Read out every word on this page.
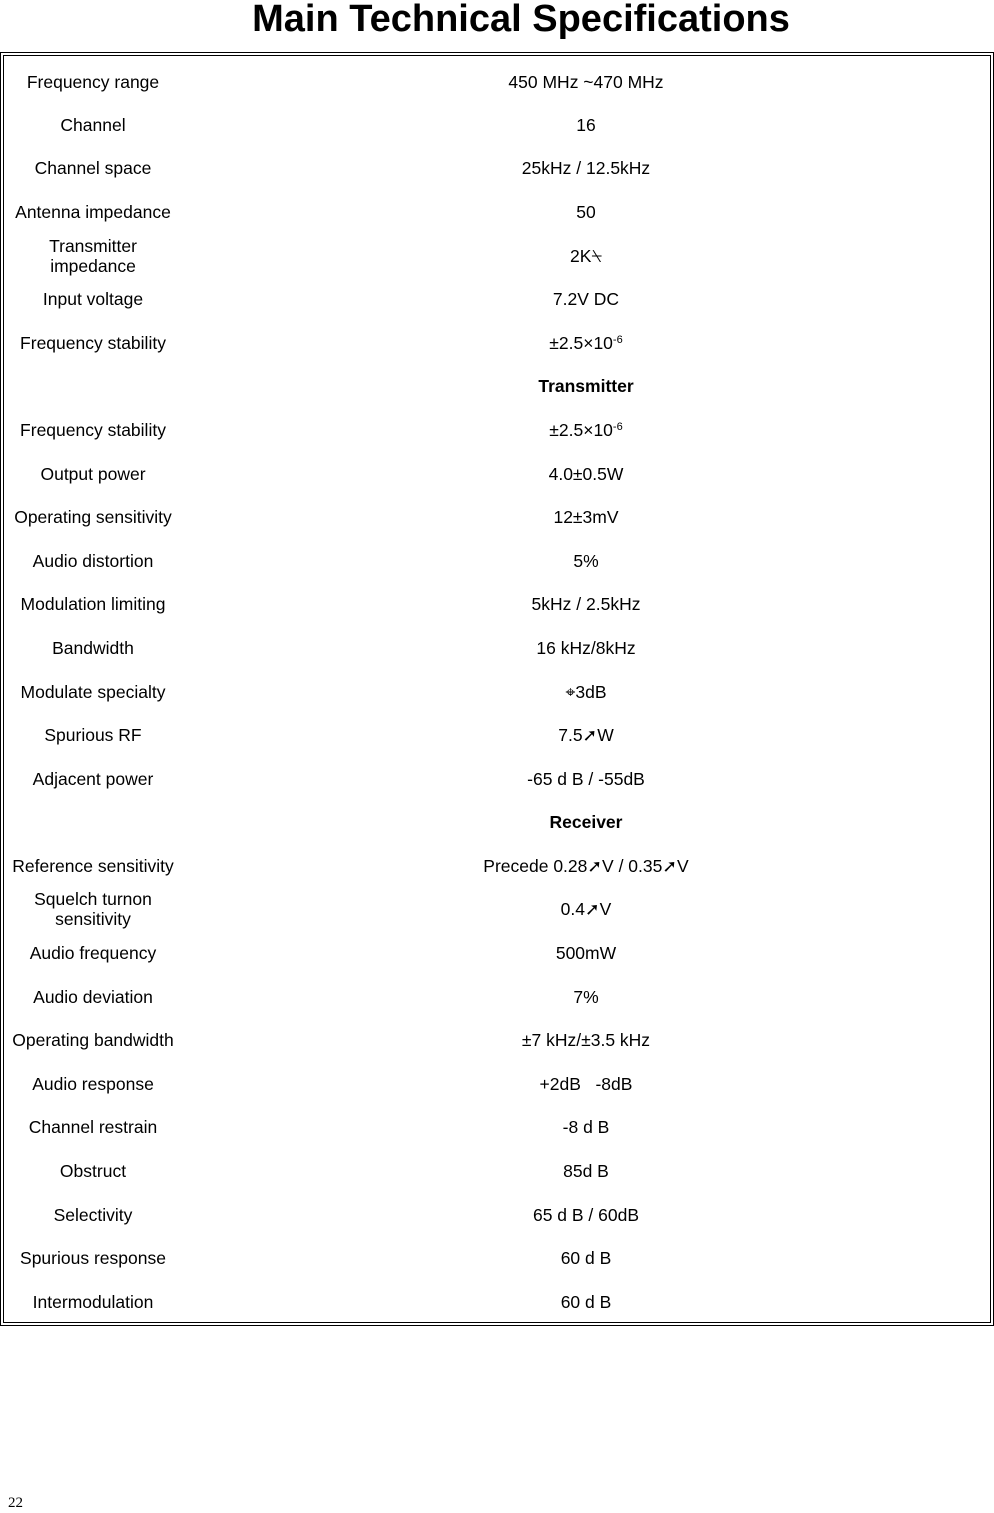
Main Technical Specifications
Frequency range	450 MHz ~470 MHz
Channel	16
Channel space	25kHz / 12.5kHz
Antenna impedance	50
Transmitter impedance	2K⍀
Input voltage	7.2V DC
Frequency stability	$\pm 2.5\times 10^{-6}$
Transmitter
Frequency stability	$\pm 2.5\times 10^{-6}$
Output power	4.0±0.5W
Operating sensitivity	12±3mV
Audio distortion	5%
Modulation limiting	5kHz / 2.5kHz
Bandwidth	16 kHz/8kHz
Modulate specialty	⌖3dB
Spurious RF	7.5➚W
Adjacent power	-65 d B / -55dB
Receiver
Reference sensitivity	Precede 0.28➚V / 0.35➚V
Squelch turnon sensitivity	0.4➚V
Audio frequency	500mW
Audio deviation	7%
Operating bandwidth	±7 kHz/±3.5 kHz
Audio response	+2dB   -8dB
Channel restrain	-8 d B
Obstruct	85d B
Selectivity	65 d B / 60dB
Spurious response	60 d B
Intermodulation	60 d B
22
